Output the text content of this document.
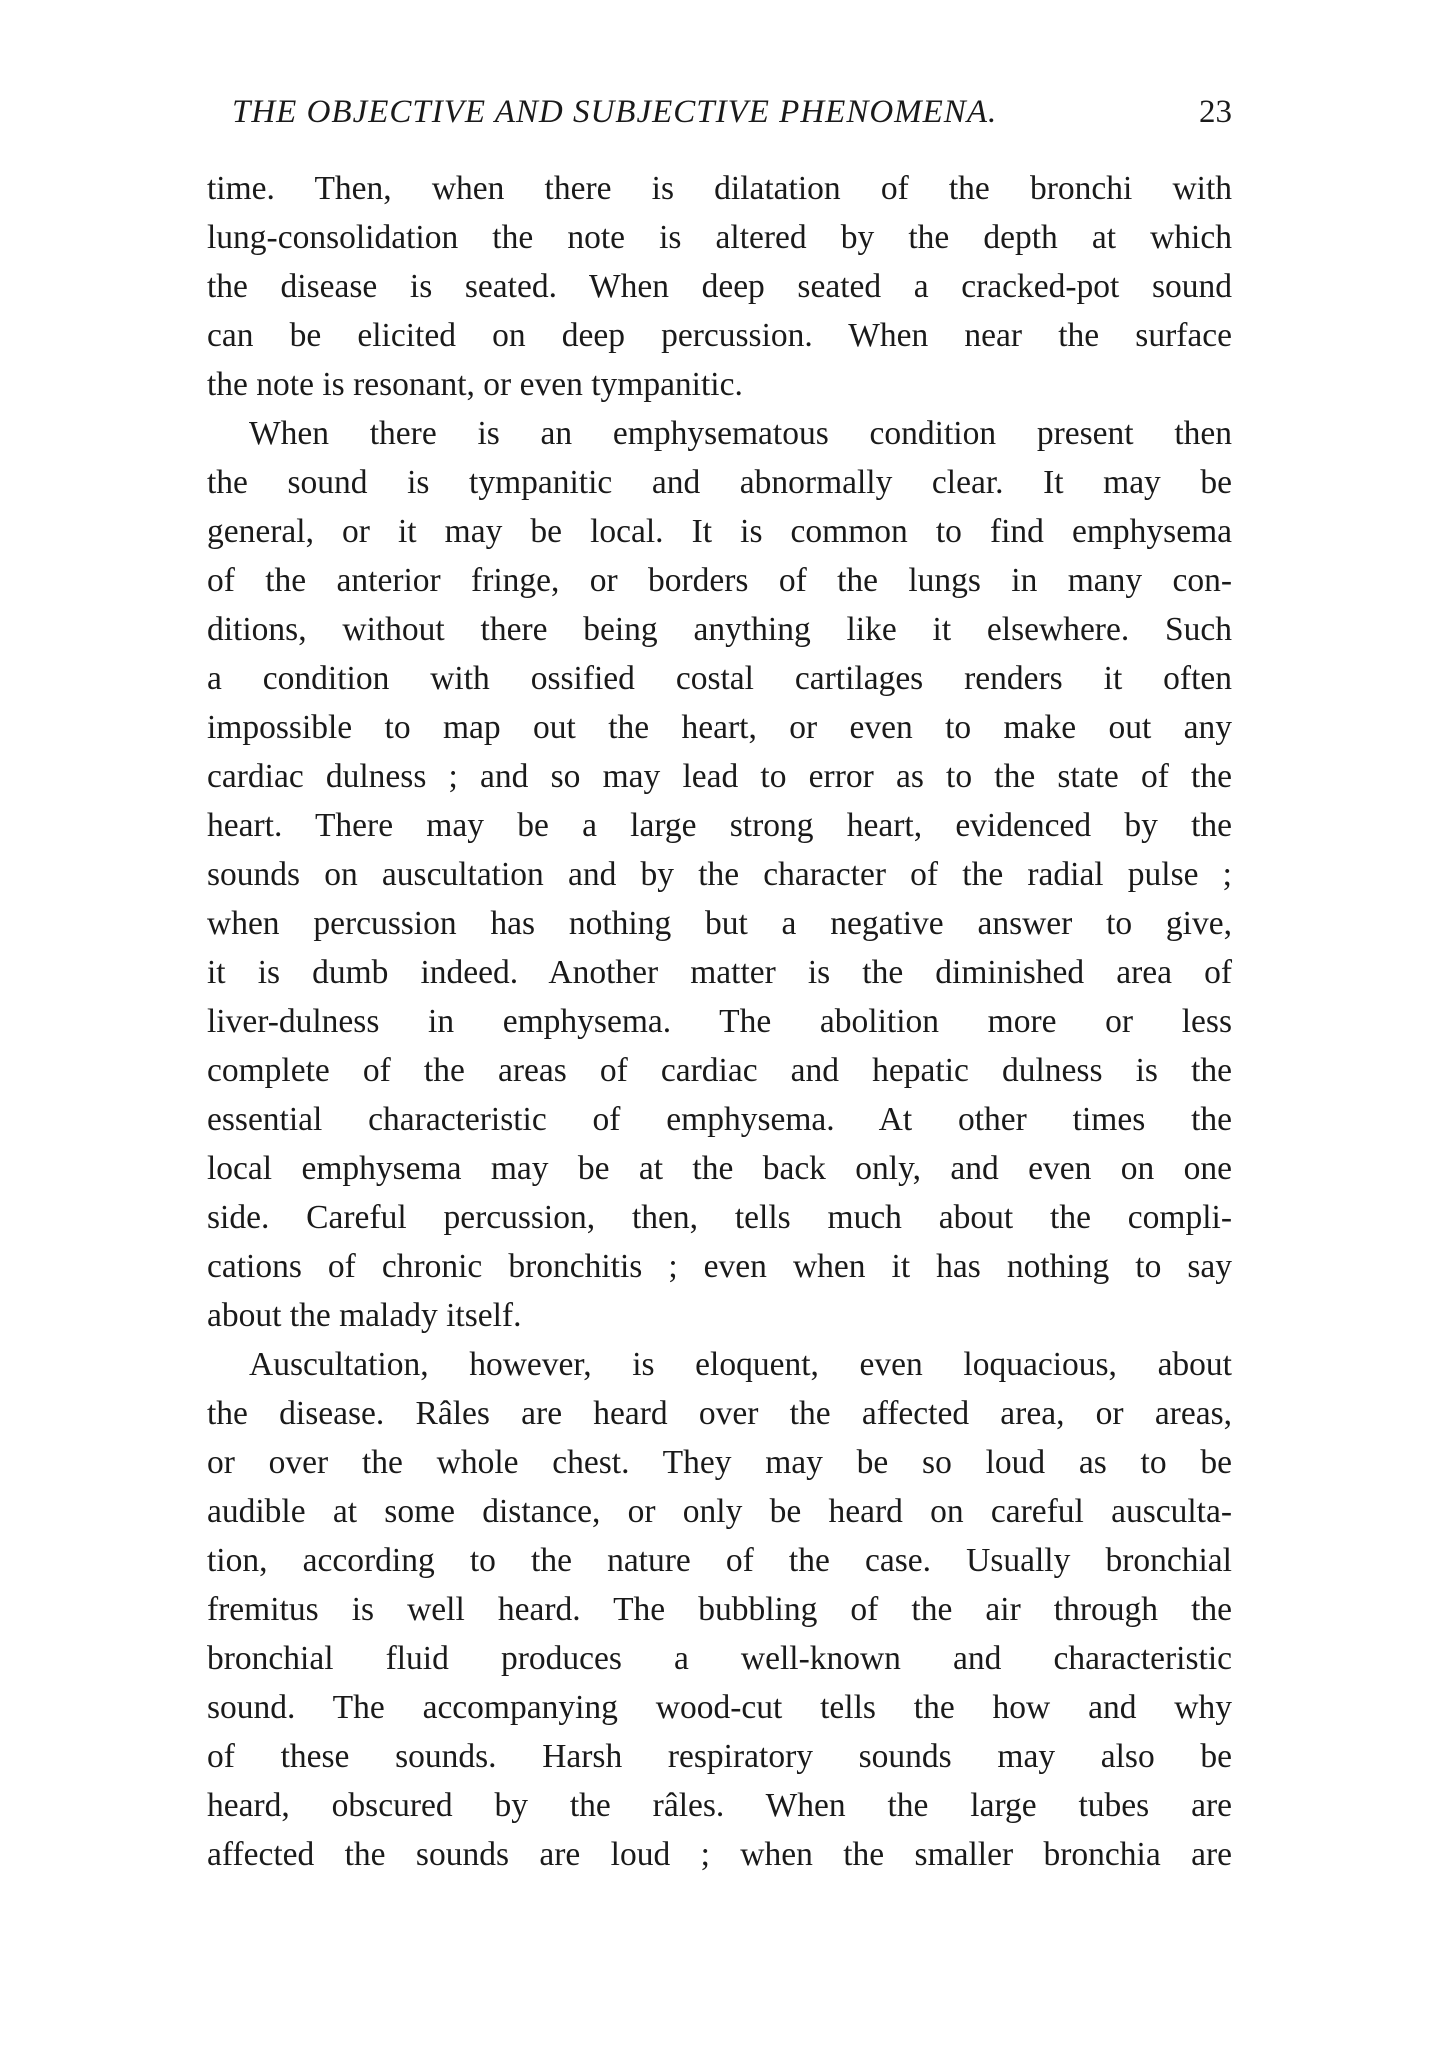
THE OBJECTIVE AND SUBJECTIVE PHENOMENA.	23
time. Then, when there is dilatation of the bronchi with
lung-consolidation the note is altered by the depth at which
the disease is seated. When deep seated a cracked-pot sound
can be elicited on deep percussion. When near the surface
the note is resonant, or even tympanitic.
When there is an emphysematous condition present then
the sound is tympanitic and abnormally clear. It may be
general, or it may be local. It is common to find emphysema
of the anterior fringe, or borders of the lungs in many con-
ditions, without there being anything like it elsewhere. Such
a condition with ossified costal cartilages renders it often
impossible to map out the heart, or even to make out any
cardiac dulness ; and so may lead to error as to the state of the
heart. There may be a large strong heart, evidenced by the
sounds on auscultation and by the character of the radial pulse ;
when percussion has nothing but a negative answer to give,
it is dumb indeed. Another matter is the diminished area of
liver-dulness in emphysema. The abolition more or less
complete of the areas of cardiac and hepatic dulness is the
essential characteristic of emphysema. At other times the
local emphysema may be at the back only, and even on one
side. Careful percussion, then, tells much about the compli-
cations of chronic bronchitis ; even when it has nothing to say
about the malady itself.
Auscultation, however, is eloquent, even loquacious, about
the disease. Râles are heard over the affected area, or areas,
or over the whole chest. They may be so loud as to be
audible at some distance, or only be heard on careful ausculta-
tion, according to the nature of the case. Usually bronchial
fremitus is well heard. The bubbling of the air through the
bronchial fluid produces a well-known and characteristic
sound. The accompanying wood-cut tells the how and why
of these sounds. Harsh respiratory sounds may also be
heard, obscured by the râles. When the large tubes are
affected the sounds are loud ; when the smaller bronchia are
